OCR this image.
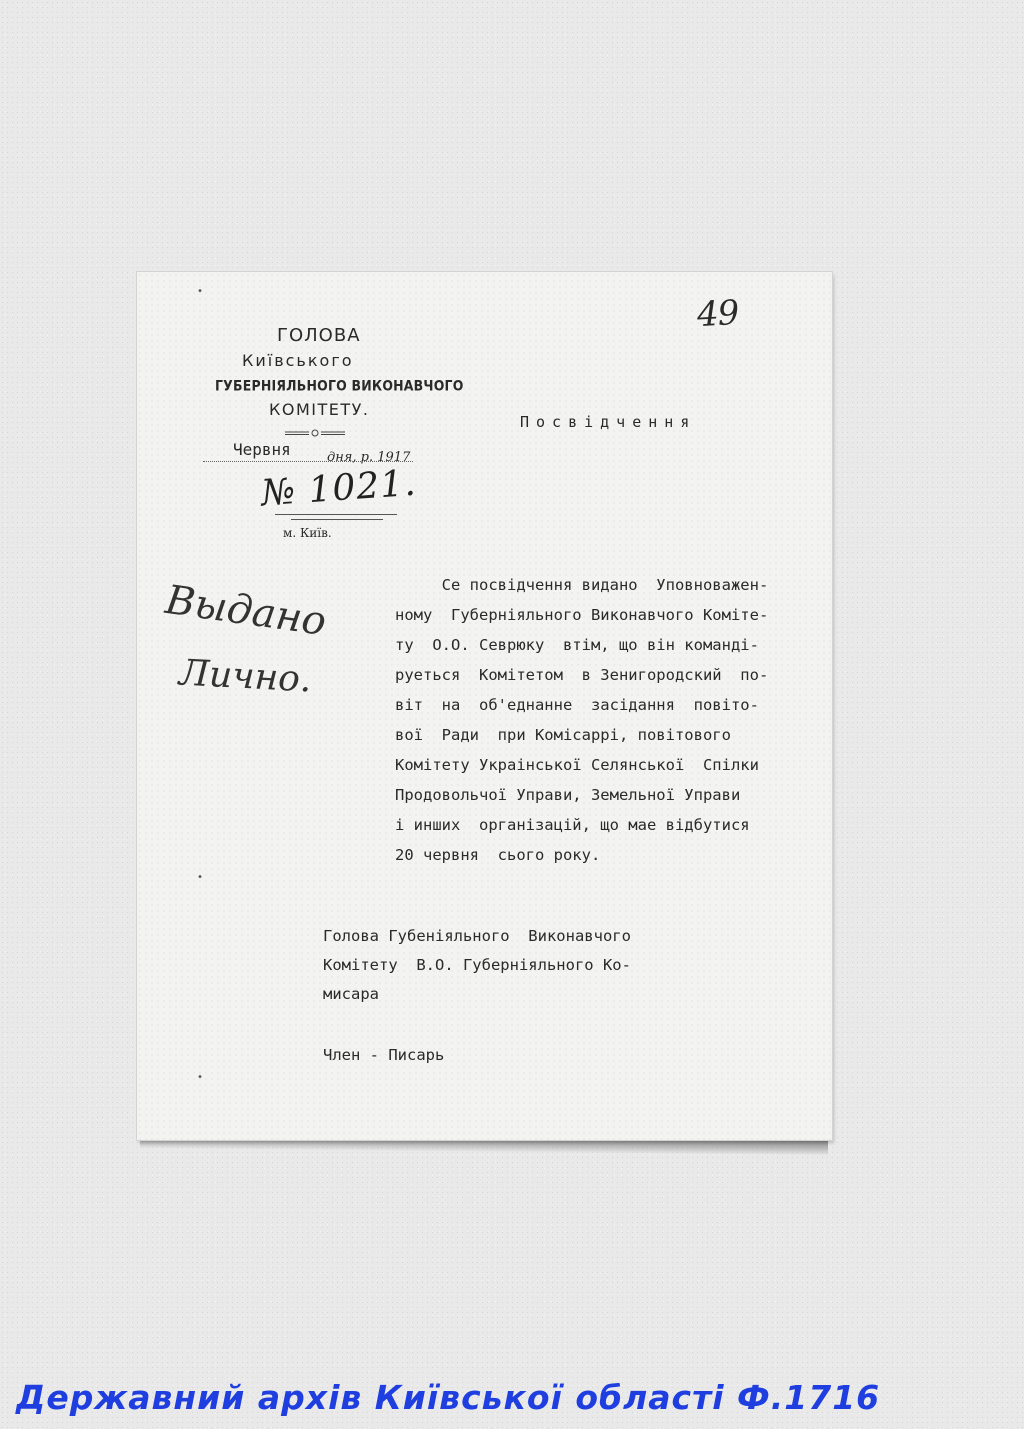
49
ГОЛОВА
Київського
ГУБЕРНІЯЛЬНОГО ВИКОНАВЧОГО
КОМІТЕТУ.
Червня	дня, р. 1917
№ 1021.
м. Київ.
Посвідчення
Выдано
Лично.
Се посвідчення видано  Уповноважен-
ному  Губерніяльного Виконавчого Коміте-
ту  О.О. Севрюку  втім, що він команді-
руеться  Комітетом  в Зенигородский  по-
віт  на  об'еднанне  засідання  повіто-
вої  Ради  при Комісаррі, повітового
Комітету Украінської Селянської  Спілки
Продовольчої Управи, Земельної Управи
і инших  організацій, що мае відбутися
20 червня  сього року.
Голова Губеніяльного  Виконавчого
Комітету  В.О. Губерніяльного Ко-
мисара
Член - Писарь
•
•
•
Державний архів Київської області Ф.1716
